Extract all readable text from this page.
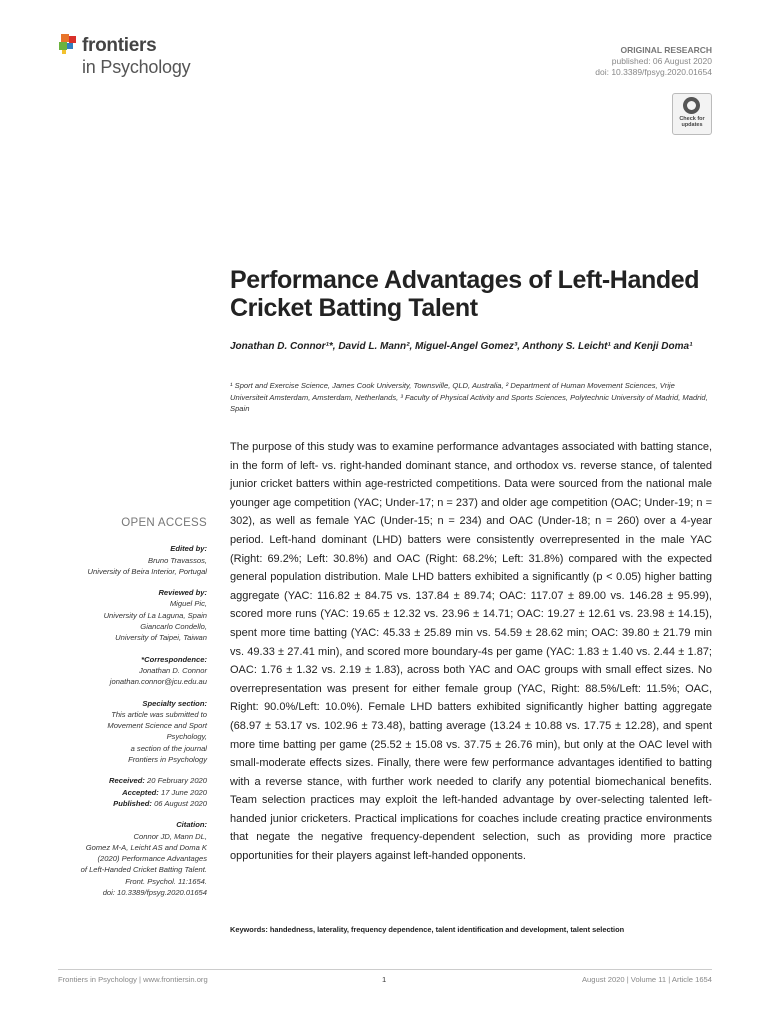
frontiers
in Psychology
ORIGINAL RESEARCH
published: 06 August 2020
doi: 10.3389/fpsyg.2020.01654
Check for updates
Performance Advantages of Left-Handed Cricket Batting Talent
Jonathan D. Connor¹*, David L. Mann², Miguel-Angel Gomez³, Anthony S. Leicht¹ and Kenji Doma¹
¹ Sport and Exercise Science, James Cook University, Townsville, QLD, Australia, ² Department of Human Movement Sciences, Vrije Universiteit Amsterdam, Amsterdam, Netherlands, ³ Faculty of Physical Activity and Sports Sciences, Polytechnic University of Madrid, Madrid, Spain
The purpose of this study was to examine performance advantages associated with batting stance, in the form of left- vs. right-handed dominant stance, and orthodox vs. reverse stance, of talented junior cricket batters within age-restricted competitions. Data were sourced from the national male younger age competition (YAC; Under-17; n = 237) and older age competition (OAC; Under-19; n = 302), as well as female YAC (Under-15; n = 234) and OAC (Under-18; n = 260) over a 4-year period. Left-hand dominant (LHD) batters were consistently overrepresented in the male YAC (Right: 69.2%; Left: 30.8%) and OAC (Right: 68.2%; Left: 31.8%) compared with the expected general population distribution. Male LHD batters exhibited a significantly (p < 0.05) higher batting aggregate (YAC: 116.82 ± 84.75 vs. 137.84 ± 89.74; OAC: 117.07 ± 89.00 vs. 146.28 ± 95.99), scored more runs (YAC: 19.65 ± 12.32 vs. 23.96 ± 14.71; OAC: 19.27 ± 12.61 vs. 23.98 ± 14.15), spent more time batting (YAC: 45.33 ± 25.89 min vs. 54.59 ± 28.62 min; OAC: 39.80 ± 21.79 min vs. 49.33 ± 27.41 min), and scored more boundary-4s per game (YAC: 1.83 ± 1.40 vs. 2.44 ± 1.87; OAC: 1.76 ± 1.32 vs. 2.19 ± 1.83), across both YAC and OAC groups with small effect sizes. No overrepresentation was present for either female group (YAC, Right: 88.5%/Left: 11.5%; OAC, Right: 90.0%/Left: 10.0%). Female LHD batters exhibited significantly higher batting aggregate (68.97 ± 53.17 vs. 102.96 ± 73.48), batting average (13.24 ± 10.88 vs. 17.75 ± 12.28), and spent more time batting per game (25.52 ± 15.08 vs. 37.75 ± 26.76 min), but only at the OAC level with small-moderate effects sizes. Finally, there were few performance advantages identified to batting with a reverse stance, with further work needed to clarify any potential biomechanical benefits. Team selection practices may exploit the left-handed advantage by over-selecting talented left-handed junior cricketers. Practical implications for coaches include creating practice environments that negate the negative frequency-dependent selection, such as providing more practice opportunities for their players against left-handed opponents.
Keywords: handedness, laterality, frequency dependence, talent identification and development, talent selection
OPEN ACCESS
Edited by:
Bruno Travassos,
University of Beira Interior, Portugal
Reviewed by:
Miguel Pic,
University of La Laguna, Spain
Giancarlo Condello,
University of Taipei, Taiwan
*Correspondence:
Jonathan D. Connor
jonathan.connor@jcu.edu.au
Specialty section:
This article was submitted to
Movement Science and Sport
Psychology,
a section of the journal
Frontiers in Psychology
Received: 20 February 2020
Accepted: 17 June 2020
Published: 06 August 2020
Citation:
Connor JD, Mann DL,
Gomez M-A, Leicht AS and Doma K
(2020) Performance Advantages
of Left-Handed Cricket Batting Talent.
Front. Psychol. 11:1654.
doi: 10.3389/fpsyg.2020.01654
Frontiers in Psychology | www.frontiersin.org	1	August 2020 | Volume 11 | Article 1654
